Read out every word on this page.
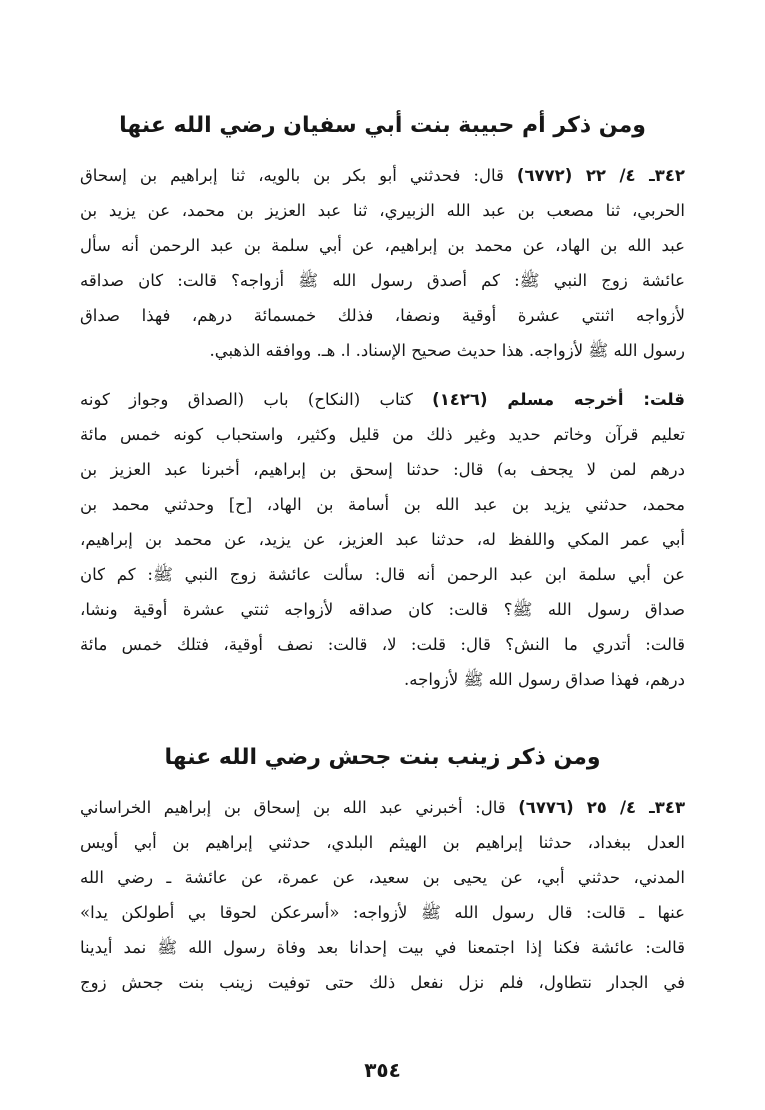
ومن ذكر أم حبيبة بنت أبي سفيان رضي الله عنها
٣٤٢ـ ٤/ ٢٢ (٦٧٧٢) قال: فحدثني أبو بكر بن بالويه، ثنا إبراهيم بن إسحاق
الحربي، ثنا مصعب بن عبد الله الزبيري، ثنا عبد العزيز بن محمد، عن يزيد بن
عبد الله بن الهاد، عن محمد بن إبراهيم، عن أبي سلمة بن عبد الرحمن أنه سأل
عائشة زوج النبي ﷺ: كم أصدق رسول الله ﷺ أزواجه؟ قالت: كان صداقه
لأزواجه اثنتي عشرة أوقية ونصفا، فذلك خمسمائة درهم، فهذا صداق
رسول الله ﷺ لأزواجه. هذا حديث صحيح الإسناد. ا. هـ. ووافقه الذهبي.
قلت: أخرجه مسلم (١٤٢٦) كتاب (النكاح) باب (الصداق وجواز كونه
تعليم قرآن وخاتم حديد وغير ذلك من قليل وكثير، واستحباب كونه خمس مائة
درهم لمن لا يجحف به) قال: حدثنا إسحق بن إبراهيم، أخبرنا عبد العزيز بن
محمد، حدثني يزيد بن عبد الله بن أسامة بن الهاد، [ح] وحدثني محمد بن
أبي عمر المكي واللفظ له، حدثنا عبد العزيز، عن يزيد، عن محمد بن إبراهيم،
عن أبي سلمة ابن عبد الرحمن أنه قال: سألت عائشة زوج النبي ﷺ: كم كان
صداق رسول الله ﷺ؟ قالت: كان صداقه لأزواجه ثنتي عشرة أوقية ونشا،
قالت: أتدري ما النش؟ قال: قلت: لا، قالت: نصف أوقية، فتلك خمس مائة
درهم، فهذا صداق رسول الله ﷺ لأزواجه.
ومن ذكر زينب بنت جحش رضي الله عنها
٣٤٣ـ ٤/ ٢٥ (٦٧٧٦) قال: أخبرني عبد الله بن إسحاق بن إبراهيم الخراساني
العدل ببغداد، حدثنا إبراهيم بن الهيثم البلدي، حدثني إبراهيم بن أبي أويس
المدني، حدثني أبي، عن يحيى بن سعيد، عن عمرة، عن عائشة ـ رضي الله
عنها ـ قالت: قال رسول الله ﷺ لأزواجه: «أسرعكن لحوقا بي أطولكن يدا»
قالت: عائشة فكنا إذا اجتمعنا في بيت إحدانا بعد وفاة رسول الله ﷺ نمد أيدينا
في الجدار نتطاول، فلم نزل نفعل ذلك حتى توفيت زينب بنت جحش زوج
٣٥٤
